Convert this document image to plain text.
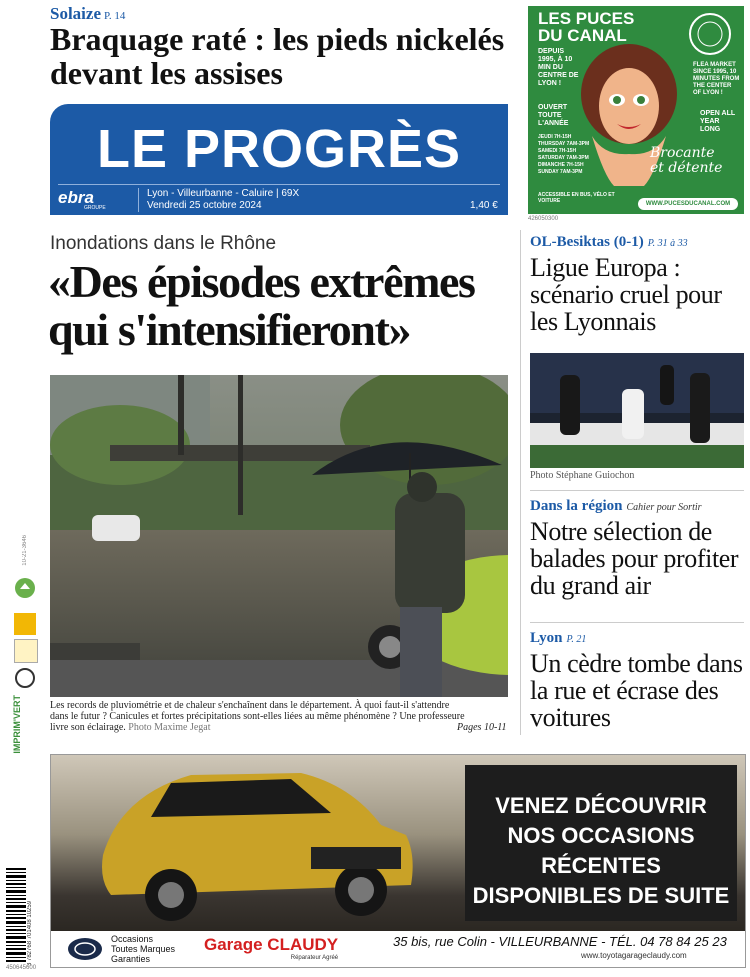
Solaize P. 14
Braquage raté : les pieds nickelés devant les assises
LE PROGRÈS
ebra
GROUPE
Lyon - Villeurbanne - Caluire | 69X
Vendredi 25 octobre 2024	1,40 €
LES PUCES DU CANAL
DEPUIS 1995, À 10 MIN DU CENTRE DE LYON !
OUVERT TOUTE L'ANNÉE
JEUDI 7H-15H
THURSDAY 7AM-3PM
SAMEDI 7H-15H
SATURDAY 7AM-3PM
DIMANCHE 7H-15H
SUNDAY 7AM-3PM
FLEA MARKET SINCE 1995, 10 MINUTES FROM THE CENTER OF LYON !
OPEN ALL YEAR LONG
Brocante et détente
ACCESSIBLE EN BUS, VÉLO ET VOITURE	WWW.PUCESDUCANAL.COM
426050300
Inondations dans le Rhône
«Des épisodes extrêmes qui s'intensifieront»
Les records de pluviométrie et de chaleur s'enchaînent dans le département. À quoi faut-il s'attendre dans le futur ? Canicules et fortes précipitations sont-elles liées au même phénomène ? Une professeure livre son éclairage. Photo Maxime Jegat	Pages 10-11
OL-Besiktas (0-1) P. 31 à 33
Ligue Europa : scénario cruel pour les Lyonnais
Photo Stéphane Guiochon
Dans la région Cahier pour Sortir
Notre sélection de balades pour profiter du grand air
Lyon P. 21
Un cèdre tombe dans la rue et écrase des voitures
10-21-3646
IMPRIM'VERT
3 782768 701408 10259
450645600
VENEZ DÉCOUVRIR
NOS OCCASIONS
RÉCENTES
DISPONIBLES DE SUITE
Occasions
Toutes Marques
Garanties
Garage CLAUDY
Réparateur Agréé
35 bis, rue Colin - VILLEURBANNE - TÉL. 04 78 84 25 23
www.toyotagarageclaudy.com
